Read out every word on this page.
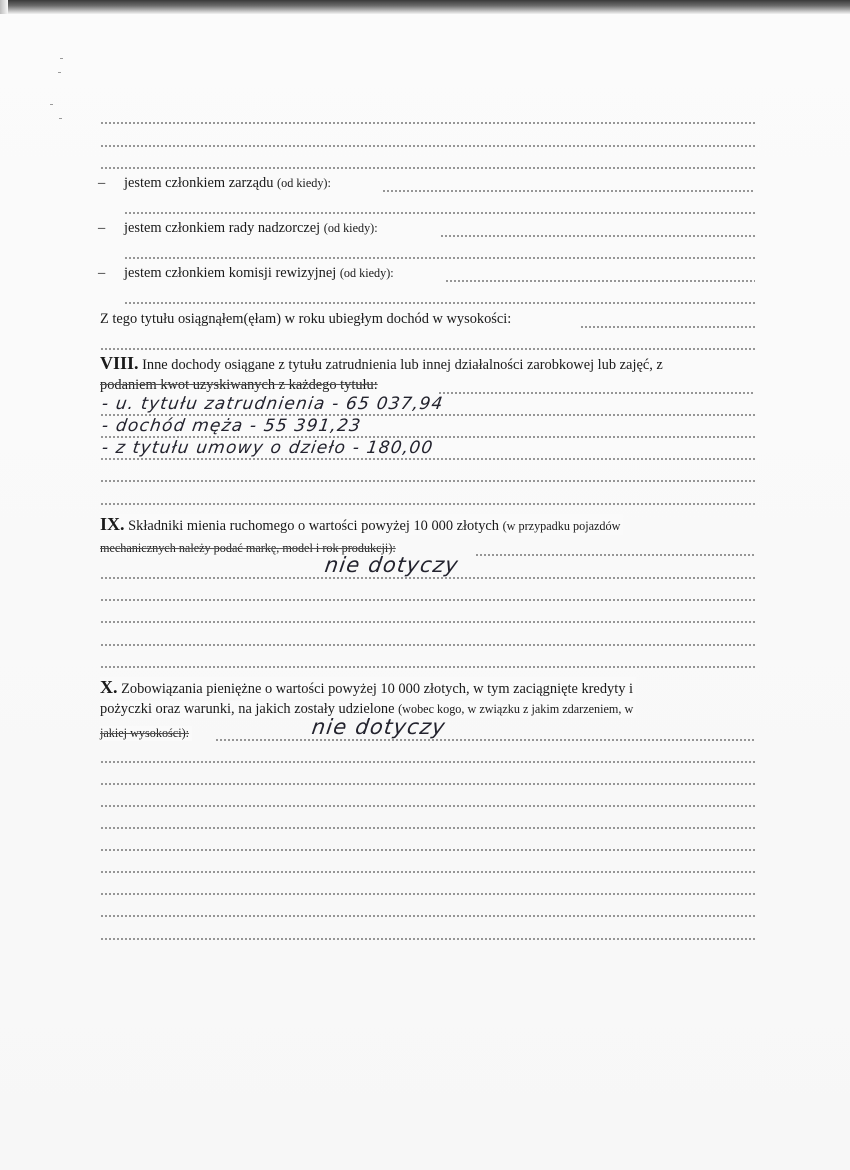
– jestem członkiem zarządu (od kiedy):
– jestem członkiem rady nadzorczej (od kiedy):
– jestem członkiem komisji rewizyjnej (od kiedy):
Z tego tytułu osiągnąłem(ęłam) w roku ubiegłym dochód w wysokości:
VIII. Inne dochody osiągane z tytułu zatrudnienia lub innej działalności zarobkowej lub zajęć, z
podaniem kwot uzyskiwanych z każdego tytułu:
- u. tytułu zatrudnienia - 65 037,94
- dochód męża - 55 391,23
- z tytułu umowy o dzieło - 180,00
IX. Składniki mienia ruchomego o wartości powyżej 10 000 złotych (w przypadku pojazdów
mechanicznych należy podać markę, model i rok produkcji):
nie dotyczy
X. Zobowiązania pieniężne o wartości powyżej 10 000 złotych, w tym zaciągnięte kredyty i
pożyczki oraz warunki, na jakich zostały udzielone (wobec kogo, w związku z jakim zdarzeniem, w
jakiej wysokości):	nie dotyczy
